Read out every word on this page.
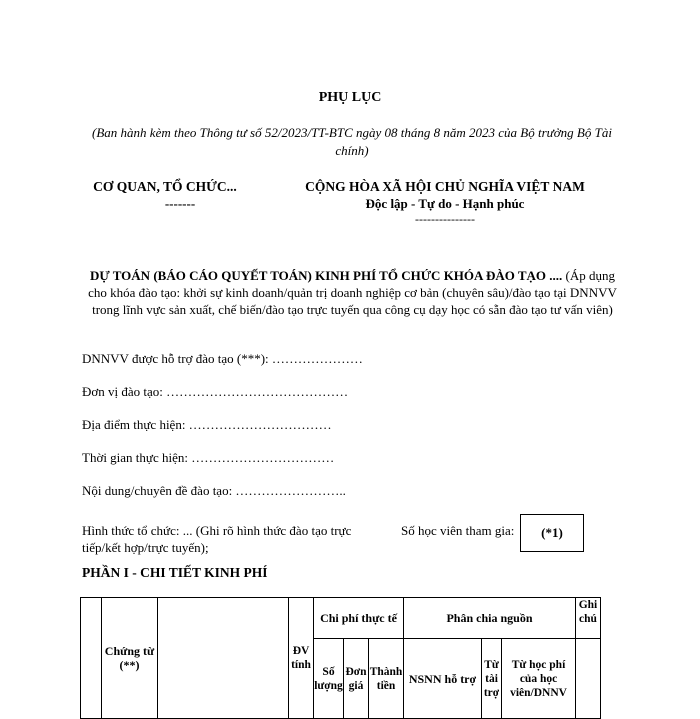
PHỤ LỤC
(Ban hành kèm theo Thông tư số 52/2023/TT-BTC ngày 08 tháng 8 năm 2023 của Bộ trưởng Bộ Tài chính)
CƠ QUAN, TỔ CHỨC...
-------
CỘNG HÒA XÃ HỘI CHỦ NGHĨA VIỆT NAM
Độc lập - Tự do - Hạnh phúc
---------------
DỰ TOÁN (BÁO CÁO QUYẾT TOÁN) KINH PHÍ TỔ CHỨC KHÓA ĐÀO TẠO .... (Áp dụng cho khóa đào tạo: khởi sự kinh doanh/quản trị doanh nghiệp cơ bản (chuyên sâu)/đào tạo tại DNNVV trong lĩnh vực sản xuất, chế biến/đào tạo trực tuyến qua công cụ dạy học có sẵn đào tạo tư vấn viên)
DNNVV được hỗ trợ đào tạo (***): …………………
Đơn vị đào tạo: ……………………………………
Địa điểm thực hiện: ……………………………
Thời gian thực hiện: ……………………………
Nội dung/chuyên đề đào tạo: ……………………..
Hình thức tổ chức: ... (Ghi rõ hình thức đào tạo trực tiếp/kết hợp/trực tuyến);
Số học viên tham gia:	(*1)
PHẦN I - CHI TIẾT KINH PHÍ
	Chứng từ (**)		ĐV tính	Chi phí thực tế			Phân chia nguồn			Ghi chú
				Số lượng	Đơn giá	Thành tiền	NSNN hỗ trợ	Từ tài trợ	Từ học phí của học viên/DNNV	
